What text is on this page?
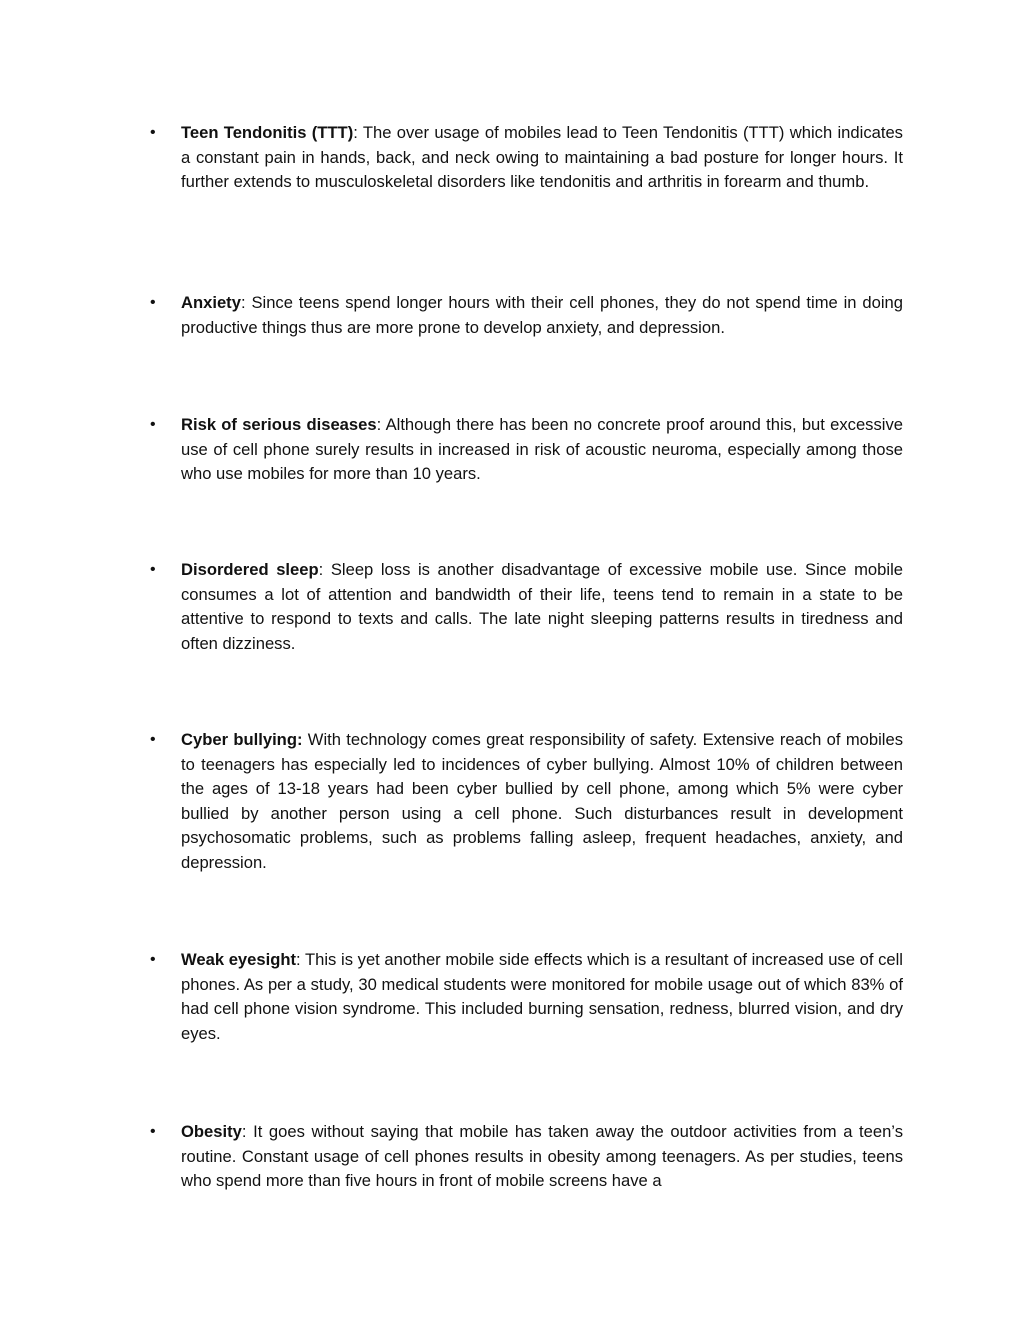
•	Teen Tendonitis (TTT): The over usage of mobiles lead to Teen Tendonitis (TTT) which indicates a constant pain in hands, back, and neck owing to maintaining a bad posture for longer hours. It further extends to musculoskeletal disorders like tendonitis and arthritis in forearm and thumb.

•	Anxiety: Since teens spend longer hours with their cell phones, they do not spend time in doing productive things thus are more prone to develop anxiety, and depression.

•	Risk of serious diseases: Although there has been no concrete proof around this, but excessive use of cell phone surely results in increased in risk of acoustic neuroma, especially among those who use mobiles for more than 10 years.

•	Disordered sleep: Sleep loss is another disadvantage of excessive mobile use. Since mobile consumes a lot of attention and bandwidth of their life, teens tend to remain in a state to be attentive to respond to texts and calls. The late night sleeping patterns results in tiredness and often dizziness.

•	Cyber bullying: With technology comes great responsibility of safety. Extensive reach of mobiles to teenagers has especially led to incidences of cyber bullying. Almost 10% of children between the ages of 13-18 years had been cyber bullied by cell phone, among which 5% were cyber bullied by another person using a cell phone. Such disturbances result in development psychosomatic problems, such as problems falling asleep, frequent headaches, anxiety, and depression.

•	Weak eyesight: This is yet another mobile side effects which is a resultant of increased use of cell phones. As per a study, 30 medical students were monitored for mobile usage out of which 83% of had cell phone vision syndrome. This included burning sensation, redness, blurred vision, and dry eyes.

•	Obesity: It goes without saying that mobile has taken away the outdoor activities from a teen’s routine. Constant usage of cell phones results in obesity among teenagers. As per studies, teens who spend more than five hours in front of mobile screens have a
